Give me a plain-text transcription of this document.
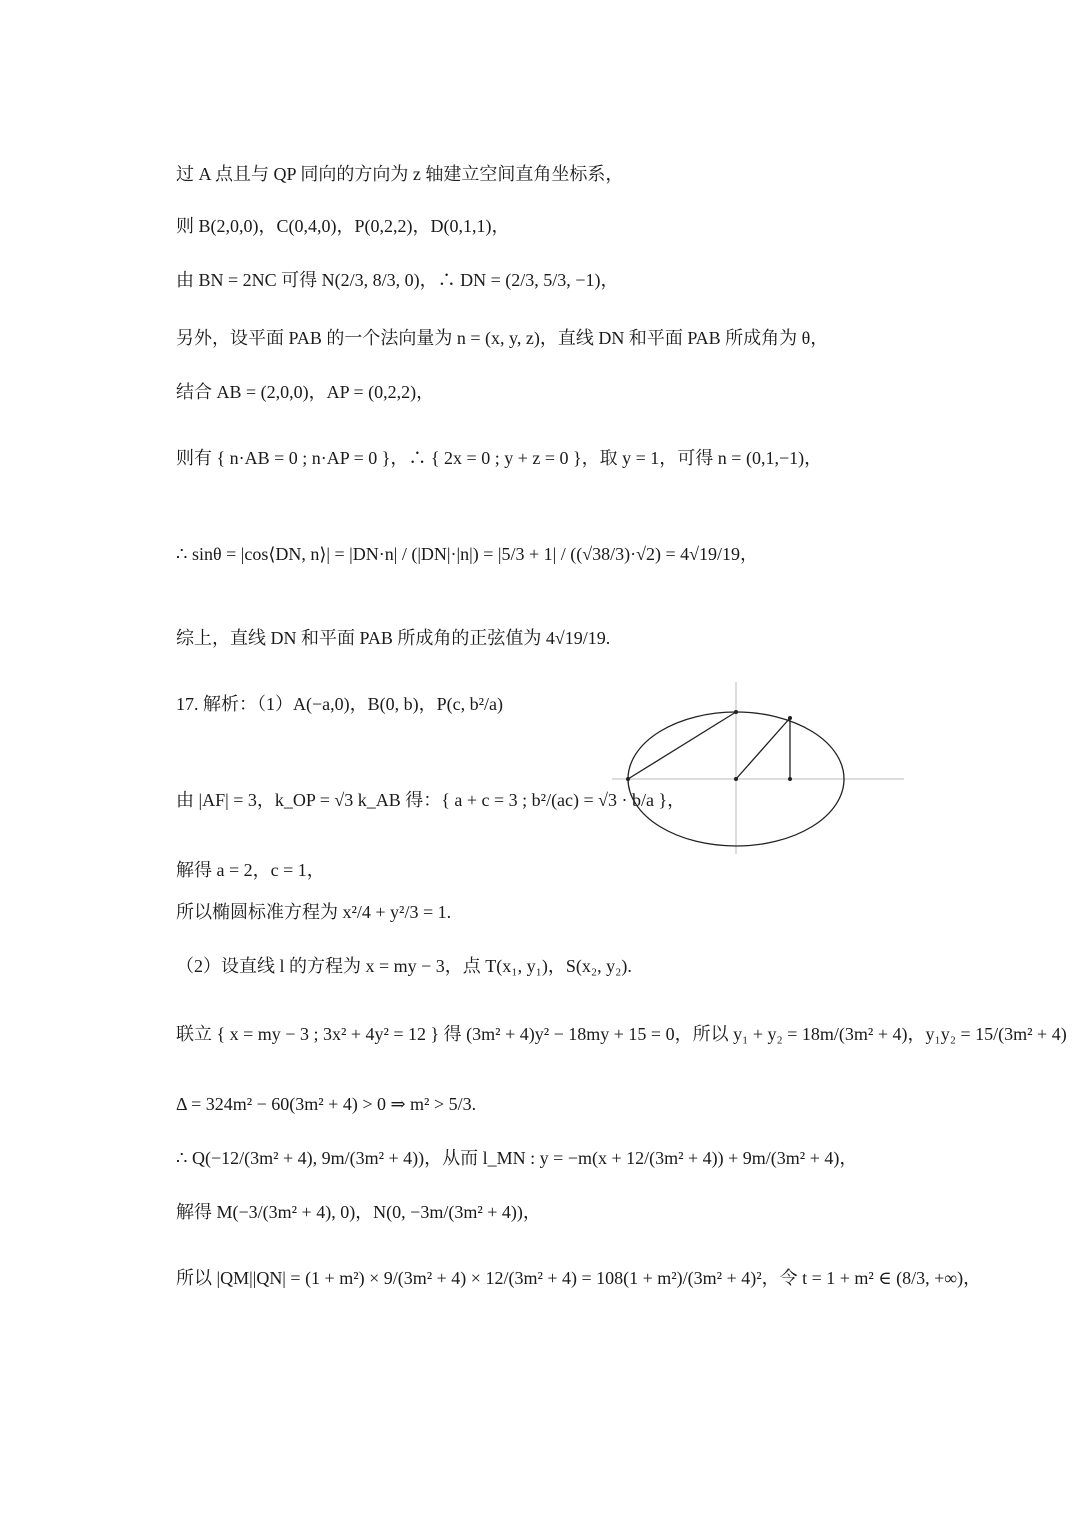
过 A 点且与 QP 同向的方向为 z 轴建立空间直角坐标系，
则 B(2,0,0)，C(0,4,0)，P(0,2,2)，D(0,1,1)，
由 BN = 2NC 可得 N(2/3, 8/3, 0)，∴ DN = (2/3, 5/3, −1)，
另外，设平面 PAB 的一个法向量为 n = (x, y, z)，直线 DN 和平面 PAB 所成角为 θ，
结合 AB = (2,0,0)，AP = (0,2,2)，
则有 { n·AB = 0 ; n·AP = 0 }，∴ { 2x = 0 ; y + z = 0 }，取 y = 1，可得 n = (0,1,−1)，
∴ sinθ = |cos⟨DN, n⟩| = |DN·n| / (|DN|·|n|) = |5/3 + 1| / ((√38/3)·√2) = 4√19/19，
综上，直线 DN 和平面 PAB 所成角的正弦值为 4√19/19.
17. 解析：（1）A(−a,0)，B(0, b)，P(c, b²/a)
由 |AF| = 3，k_OP = √3 k_AB 得：{ a + c = 3 ; b²/(ac) = √3 · b/a }，
解得 a = 2，c = 1，
所以椭圆标准方程为 x²/4 + y²/3 = 1.
（2）设直线 l 的方程为 x = my − 3，点 T(x₁, y₁)，S(x₂, y₂).
联立 { x = my − 3 ; 3x² + 4y² = 12 } 得 (3m² + 4)y² − 18my + 15 = 0，所以 y₁ + y₂ = 18m/(3m² + 4)，y₁y₂ = 15/(3m² + 4)
Δ = 324m² − 60(3m² + 4) > 0 ⇒ m² > 5/3.
∴ Q(−12/(3m² + 4), 9m/(3m² + 4))，从而 l_MN : y = −m(x + 12/(3m² + 4)) + 9m/(3m² + 4)，
解得 M(−3/(3m² + 4), 0)，N(0, −3m/(3m² + 4))，
所以 |QM||QN| = (1 + m²) × 9/(3m² + 4) × 12/(3m² + 4) = 108(1 + m²)/(3m² + 4)²，令 t = 1 + m² ∈ (8/3, +∞)，
